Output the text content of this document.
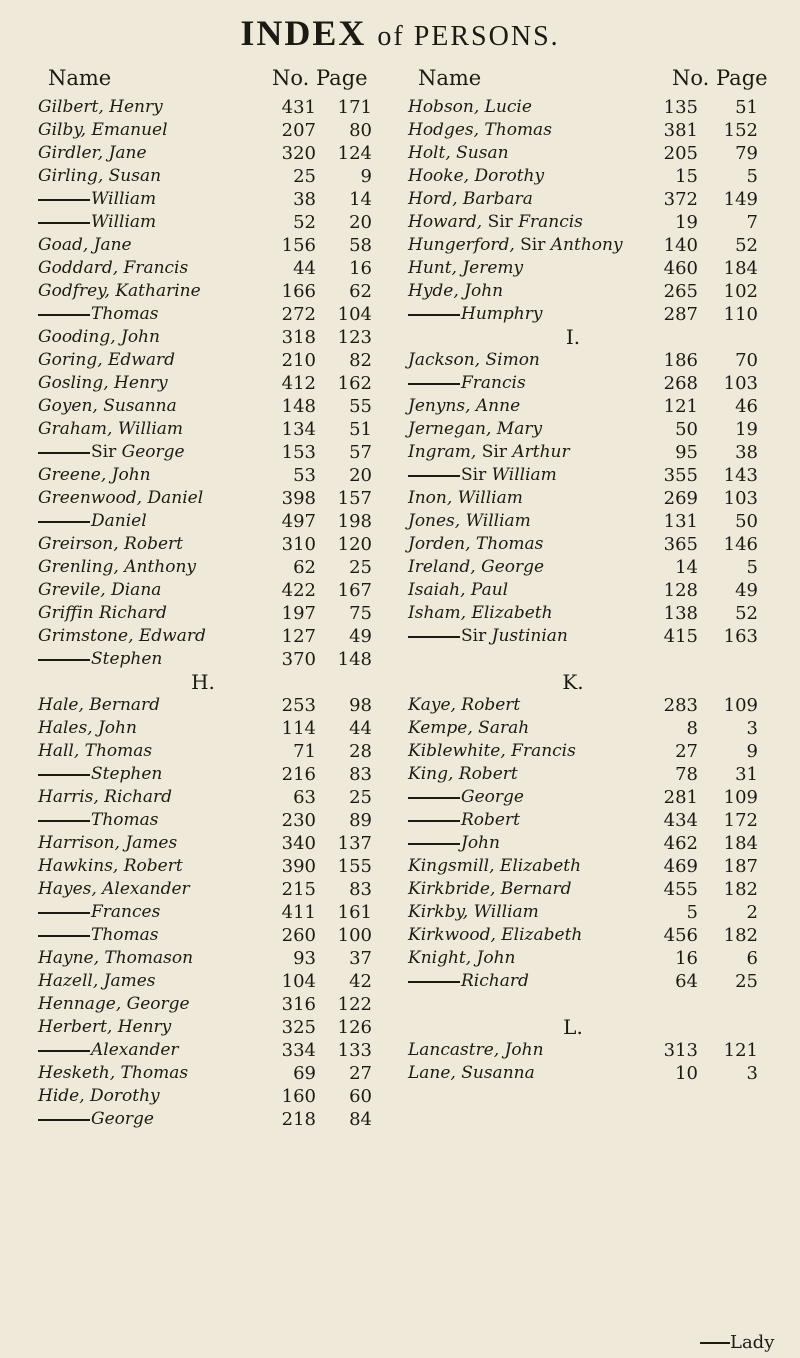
INDEX of PERSONS.
Name	No. Page Name	No. Page
Gilbert, Henry	431	171
Gilby, Emanuel	207	80
Girdler, Jane	320	124
Girling, Susan	25	9
William	38	14
William	52	20
Goad, Jane	156	58
Goddard, Francis	44	16
Godfrey, Katharine	166	62
Thomas	272	104
Gooding, John	318	123
Goring, Edward	210	82
Gosling, Henry	412	162
Goyen, Susanna	148	55
Graham, William	134	51
Sir George	153	57
Greene, John	53	20
Greenwood, Daniel	398	157
Daniel	497	198
Greirson, Robert	310	120
Grenling, Anthony	62	25
Grevile, Diana	422	167
Griffin Richard	197	75
Grimstone, Edward	127	49
Stephen	370	148
H.
Hale, Bernard	253	98
Hales, John	114	44
Hall, Thomas	71	28
Stephen	216	83
Harris, Richard	63	25
Thomas	230	89
Harrison, James	340	137
Hawkins, Robert	390	155
Hayes, Alexander	215	83
Frances	411	161
Thomas	260	100
Hayne, Thomason	93	37
Hazell, James	104	42
Hennage, George	316	122
Herbert, Henry	325	126
Alexander	334	133
Hesketh, Thomas	69	27
Hide, Dorothy	160	60
George	218	84
Hobson, Lucie	135	51
Hodges, Thomas	381	152
Holt, Susan	205	79
Hooke, Dorothy	15	5
Hord, Barbara	372	149
Howard, Sir Francis	19	7
Hungerford, Sir Anthony	140	52
Hunt, Jeremy	460	184
Hyde, John	265	102
Humphry	287	110
I.
Jackson, Simon	186	70
Francis	268	103
Jenyns, Anne	121	46
Jernegan, Mary	50	19
Ingram, Sir Arthur	95	38
Sir William	355	143
Inon, William	269	103
Jones, William	131	50
Jorden, Thomas	365	146
Ireland, George	14	5
Isaiah, Paul	128	49
Isham, Elizabeth	138	52
Sir Justinian	415	163
K.
Kaye, Robert	283	109
Kempe, Sarah	8	3
Kiblewhite, Francis	27	9
King, Robert	78	31
George	281	109
Robert	434	172
John	462	184
Kingsmill, Elizabeth	469	187
Kirkbride, Bernard	455	182
Kirkby, William	5	2
Kirkwood, Elizabeth	456	182
Knight, John	16	6
Richard	64	25
L.
Lancastre, John	313	121
Lane, Susanna	10	3
Lady
